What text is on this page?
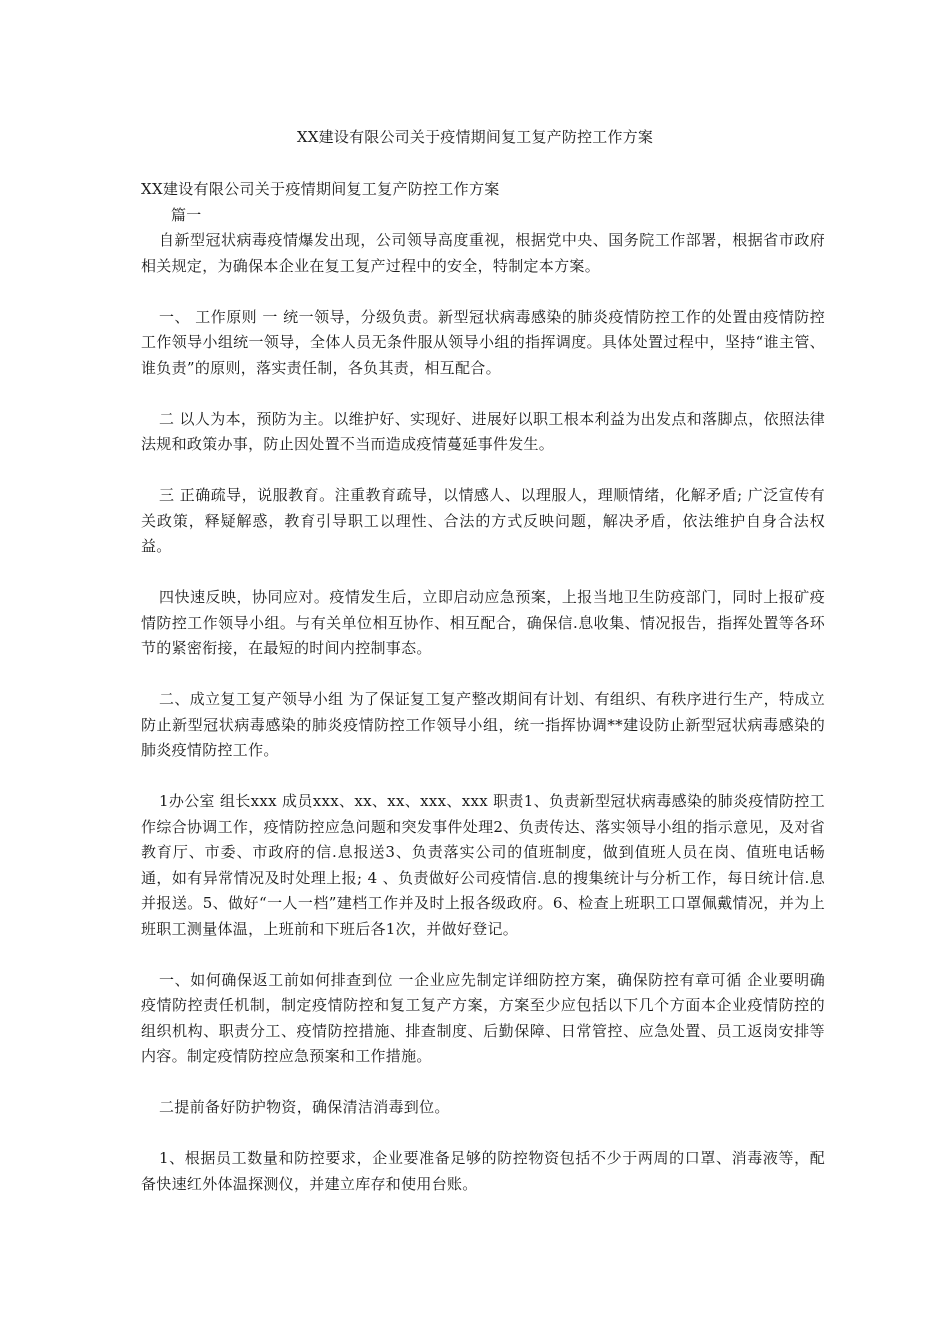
XX建设有限公司关于疫情期间复工复产防控工作方案

XX建设有限公司关于疫情期间复工复产防控工作方案

篇一

自新型冠状病毒疫情爆发出现，公司领导高度重视，根据党中央、国务院工作部署，根据省市政府相关规定，为确保本企业在复工复产过程中的安全，特制定本方案。

一、 工作原则 一 统一领导，分级负责。新型冠状病毒感染的肺炎疫情防控工作的处置由疫情防控工作领导小组统一领导，全体人员无条件服从领导小组的指挥调度。具体处置过程中，坚持“谁主管、谁负责”的原则，落实责任制，各负其责，相互配合。

二 以人为本，预防为主。以维护好、实现好、进展好以职工根本利益为出发点和落脚点，依照法律法规和政策办事，防止因处置不当而造成疫情蔓延事件发生。

三 正确疏导，说服教育。注重教育疏导，以情感人、以理服人，理顺情绪，化解矛盾; 广泛宣传有关政策，释疑解惑，教育引导职工以理性、合法的方式反映问题，解决矛盾，依法维护自身合法权益。

四快速反映，协同应对。疫情发生后，立即启动应急预案，上报当地卫生防疫部门，同时上报矿疫情防控工作领导小组。与有关单位相互协作、相互配合，确保信.息收集、情况报告，指挥处置等各环节的紧密衔接，在最短的时间内控制事态。

二、成立复工复产领导小组 为了保证复工复产整改期间有计划、有组织、有秩序进行生产，特成立防止新型冠状病毒感染的肺炎疫情防控工作领导小组，统一指挥协调**建设防止新型冠状病毒感染的肺炎疫情防控工作。

1办公室 组长xxx 成员xxx、xx、xx、xxx、xxx 职责1、负责新型冠状病毒感染的肺炎疫情防控工作综合协调工作，疫情防控应急问题和突发事件处理2、负责传达、落实领导小组的指示意见，及对省教育厅、市委、市政府的信.息报送3、负责落实公司的值班制度，做到值班人员在岗、值班电话畅通，如有异常情况及时处理上报; 4 、负责做好公司疫情信.息的搜集统计与分析工作，每日统计信.息并报送。5、做好“一人一档”建档工作并及时上报各级政府。6、检查上班职工口罩佩戴情况，并为上班职工测量体温，上班前和下班后各1次，并做好登记。

一、如何确保返工前如何排查到位 一企业应先制定详细防控方案，确保防控有章可循 企业要明确疫情防控责任机制，制定疫情防控和复工复产方案，方案至少应包括以下几个方面本企业疫情防控的组织机构、职责分工、疫情防控措施、排查制度、后勤保障、日常管控、应急处置、员工返岗安排等内容。制定疫情防控应急预案和工作措施。

二提前备好防护物资，确保清洁消毒到位。

1、根据员工数量和防控要求，企业要准备足够的防控物资包括不少于两周的口罩、消毒液等，配备快速红外体温探测仪，并建立库存和使用台账。
